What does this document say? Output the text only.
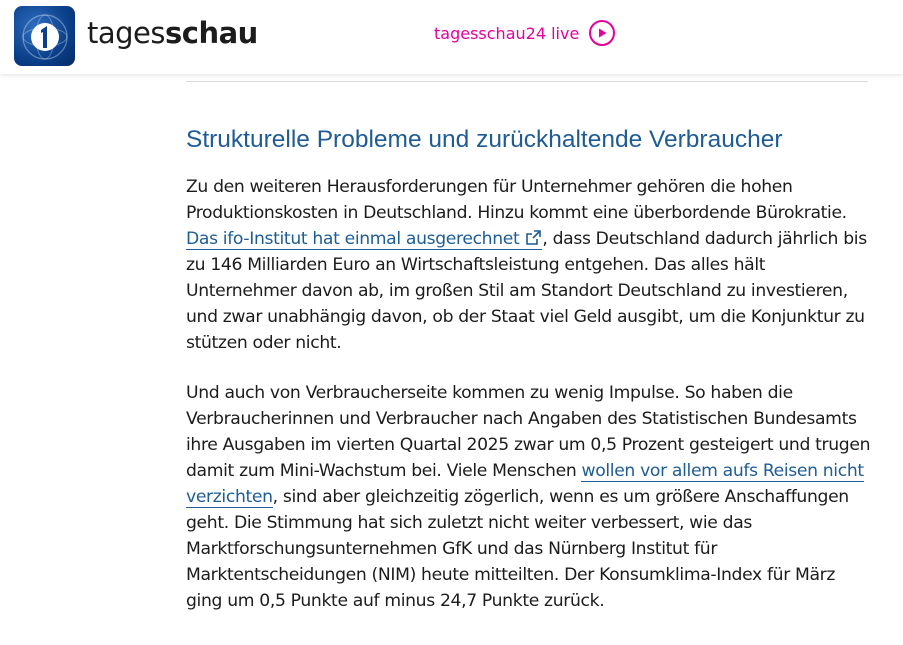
tagesschau	tagesschau24 live
Strukturelle Probleme und zurückhaltende Verbraucher

Zu den weiteren Herausforderungen für Unternehmer gehören die hohen Produktionskosten in Deutschland. Hinzu kommt eine überbordende Bürokratie. Das ifo-Institut hat einmal ausgerechnet , dass Deutschland dadurch jährlich bis zu 146 Milliarden Euro an Wirtschaftsleistung entgehen. Das alles hält Unternehmer davon ab, im großen Stil am Standort Deutschland zu investieren, und zwar unabhängig davon, ob der Staat viel Geld ausgibt, um die Konjunktur zu stützen oder nicht.

Und auch von Verbraucherseite kommen zu wenig Impulse. So haben die Verbraucherinnen und Verbraucher nach Angaben des Statistischen Bundesamts ihre Ausgaben im vierten Quartal 2025 zwar um 0,5 Prozent gesteigert und trugen damit zum Mini-Wachstum bei. Viele Menschen wollen vor allem aufs Reisen nicht verzichten, sind aber gleichzeitig zögerlich, wenn es um größere Anschaffungen geht. Die Stimmung hat sich zuletzt nicht weiter verbessert, wie das Marktforschungsunternehmen GfK und das Nürnberg Institut für Marktentscheidungen (NIM) heute mitteilten. Der Konsumklima-Index für März ging um 0,5 Punkte auf minus 24,7 Punkte zurück.
